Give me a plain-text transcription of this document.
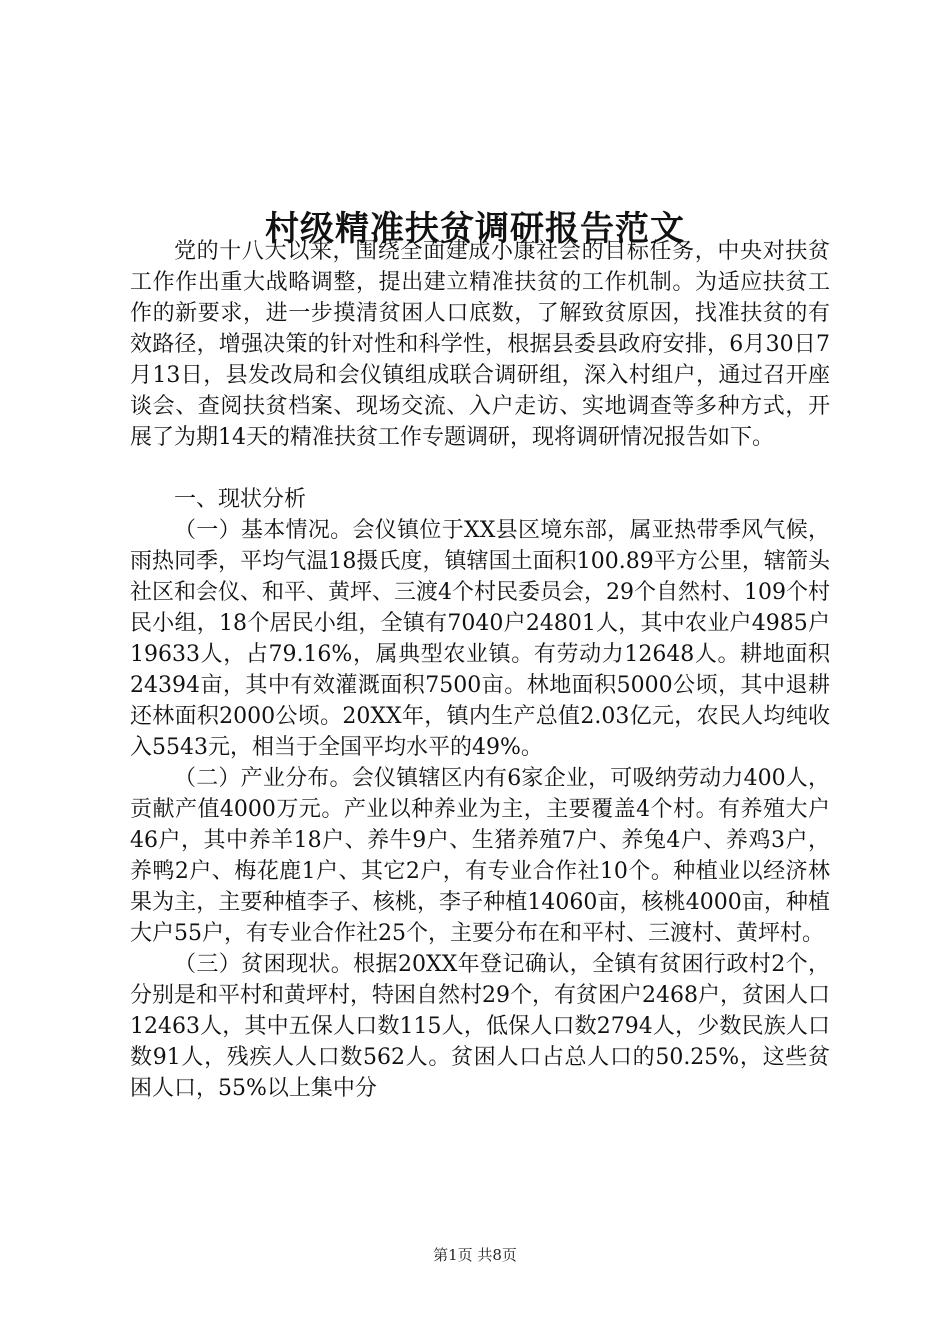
村级精准扶贫调研报告范文

党的十八大以来，围绕全面建成小康社会的目标任务，中央对扶贫工作作出重大战略调整，提出建立精准扶贫的工作机制。为适应扶贫工作的新要求，进一步摸清贫困人口底数，了解致贫原因，找准扶贫的有效路径，增强决策的针对性和科学性，根据县委县政府安排，6月30日7月13日，县发改局和会仪镇组成联合调研组，深入村组户，通过召开座谈会、查阅扶贫档案、现场交流、入户走访、实地调查等多种方式，开展了为期14天的精准扶贫工作专题调研，现将调研情况报告如下。

一、现状分析

（一）基本情况。会仪镇位于XX县区境东部，属亚热带季风气候，雨热同季，平均气温18摄氏度，镇辖国土面积100.89平方公里，辖箭头社区和会仪、和平、黄坪、三渡4个村民委员会，29个自然村、109个村民小组，18个居民小组，全镇有7040户24801人，其中农业户4985户19633人，占79.16%，属典型农业镇。有劳动力12648人。耕地面积24394亩，其中有效灌溉面积7500亩。林地面积5000公顷，其中退耕还林面积2000公顷。20XX年，镇内生产总值2.03亿元，农民人均纯收入5543元，相当于全国平均水平的49%。

（二）产业分布。会仪镇辖区内有6家企业，可吸纳劳动力400人，贡献产值4000万元。产业以种养业为主，主要覆盖4个村。有养殖大户46户，其中养羊18户、养牛9户、生猪养殖7户、养兔4户、养鸡3户，养鸭2户、梅花鹿1户、其它2户，有专业合作社10个。种植业以经济林果为主，主要种植李子、核桃，李子种植14060亩，核桃4000亩，种植大户55户，有专业合作社25个，主要分布在和平村、三渡村、黄坪村。

（三）贫困现状。根据20XX年登记确认，全镇有贫困行政村2个，分别是和平村和黄坪村，特困自然村29个，有贫困户2468户，贫困人口12463人，其中五保人口数115人，低保人口数2794人，少数民族人口数91人，残疾人人口数562人。贫困人口占总人口的50.25%，这些贫困人口，55%以上集中分

第1页 共8页
